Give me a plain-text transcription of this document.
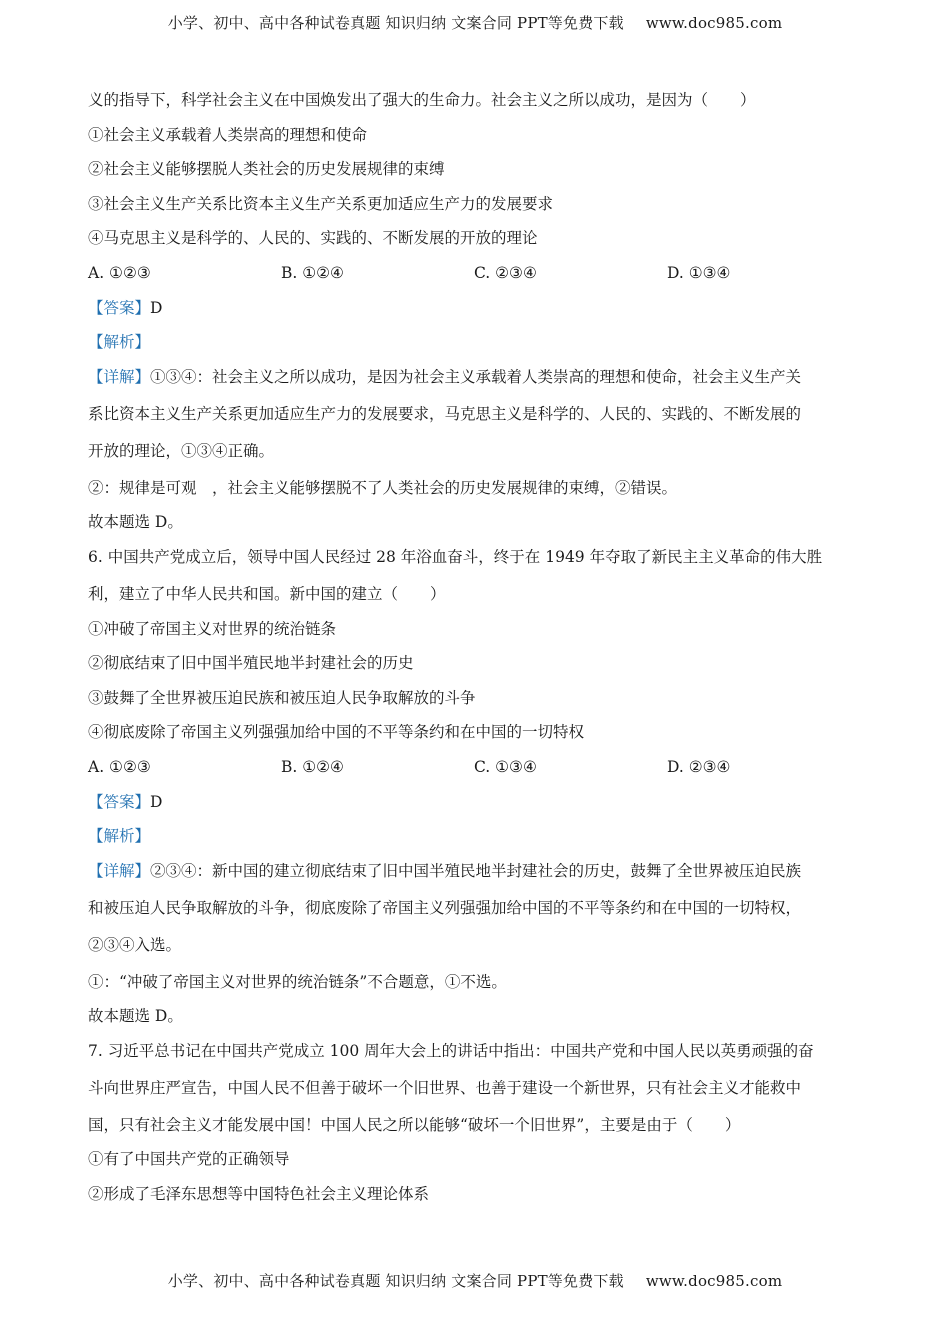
小学、初中、高中各种试卷真题 知识归纳 文案合同 PPT等免费下载 www.doc985.com
义的指导下，科学社会主义在中国焕发出了强大的生命力。社会主义之所以成功，是因为（ ）
①社会主义承载着人类崇高的理想和使命
②社会主义能够摆脱人类社会的历史发展规律的束缚
③社会主义生产关系比资本主义生产关系更加适应生产力的发展要求
④马克思主义是科学的、人民的、实践的、不断发展的开放的理论
A. ①②③	B. ①②④	C. ②③④	D. ①③④
【答案】D
【解析】
【详解】①③④：社会主义之所以成功，是因为社会主义承载着人类崇高的理想和使命，社会主义生产关
系比资本主义生产关系更加适应生产力的发展要求，马克思主义是科学的、人民的、实践的、不断发展的
开放的理论，①③④正确。
②：规律是可观　，社会主义能够摆脱不了人类社会的历史发展规律的束缚，②错误。
故本题选 D。
6. 中国共产党成立后，领导中国人民经过 28 年浴血奋斗，终于在 1949 年夺取了新民主主义革命的伟大胜
利，建立了中华人民共和国。新中国的建立（ ）
①冲破了帝国主义对世界的统治链条
②彻底结束了旧中国半殖民地半封建社会的历史
③鼓舞了全世界被压迫民族和被压迫人民争取解放的斗争
④彻底废除了帝国主义列强强加给中国的不平等条约和在中国的一切特权
A. ①②③	B. ①②④	C. ①③④	D. ②③④
【答案】D
【解析】
【详解】②③④：新中国的建立彻底结束了旧中国半殖民地半封建社会的历史，鼓舞了全世界被压迫民族
和被压迫人民争取解放的斗争，彻底废除了帝国主义列强强加给中国的不平等条约和在中国的一切特权，
②③④入选。
①：“冲破了帝国主义对世界的统治链条”不合题意，①不选。
故本题选 D。
7. 习近平总书记在中国共产党成立 100 周年大会上的讲话中指出：中国共产党和中国人民以英勇顽强的奋
斗向世界庄严宣告，中国人民不但善于破坏一个旧世界、也善于建设一个新世界，只有社会主义才能救中
国，只有社会主义才能发展中国！中国人民之所以能够“破坏一个旧世界”，主要是由于（ ）
①有了中国共产党的正确领导
②形成了毛泽东思想等中国特色社会主义理论体系
小学、初中、高中各种试卷真题 知识归纳 文案合同 PPT等免费下载 www.doc985.com
